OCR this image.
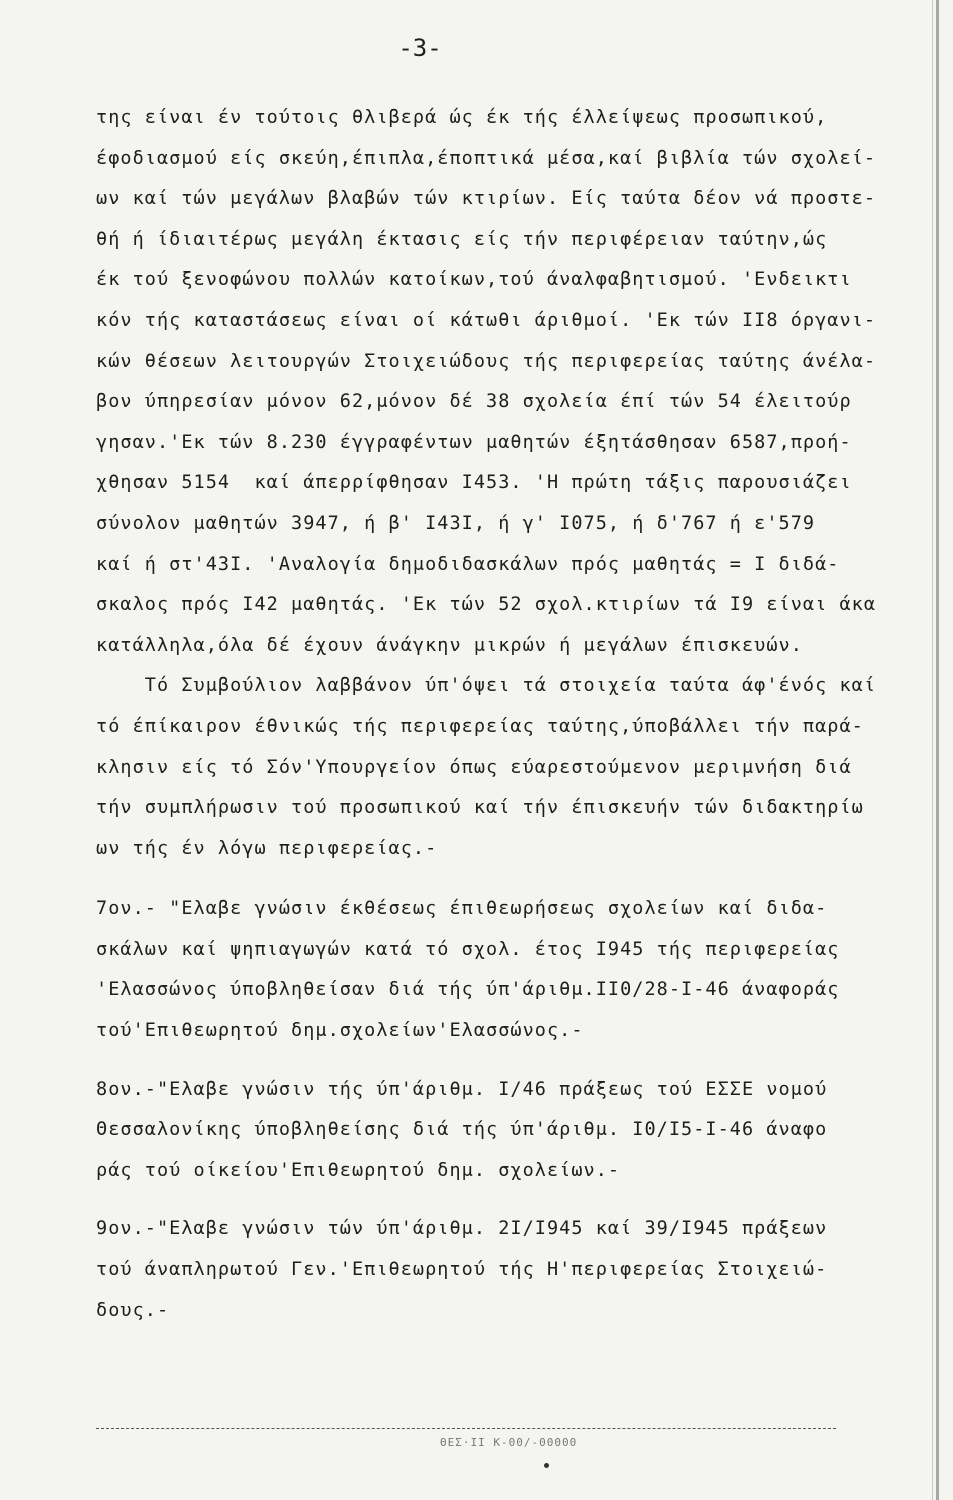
-3-
της είναι έν τούτοις θλιβερά ώς έκ τής έλλείψεως προσωπικού,
έφοδιασμού είς σκεύη,έπιπλα,έποπτικά μέσα,καί βιβλία τών σχολεί-
ων καί τών μεγάλων βλαβών τών κτιρίων. Είς ταύτα δέον νά προστε-
θή ή ίδιαιτέρως μεγάλη έκτασις είς τήν περιφέρειαν ταύτην,ώς
έκ τού ξενοφώνου πολλών κατοίκων,τού άναλφαβητισμού. 'Ενδεικτι
κόν τής καταστάσεως είναι οί κάτωθι άριθμοί. 'Εκ τών ΙΙ8 όργανι-
κών θέσεων λειτουργών Στοιχειώδους τής περιφερείας ταύτης άνέλα-
βον ύπηρεσίαν μόνον 62,μόνον δέ 38 σχολεία έπί τών 54 έλειτούρ
γησαν.'Εκ τών 8.230 έγγραφέντων μαθητών έξητάσθησαν 6587,προή-
χθησαν 5154  καί άπερρίφθησαν Ι453. 'Η πρώτη τάξις παρουσιάζει
σύνολον μαθητών 3947, ή β' Ι43Ι, ή γ' Ι075, ή δ'767 ή ε'579
καί ή στ'43Ι. 'Αναλογία δημοδιδασκάλων πρός μαθητάς = Ι διδά-
σκαλος πρός Ι42 μαθητάς. 'Εκ τών 52 σχολ.κτιρίων τά Ι9 είναι άκα
κατάλληλα,όλα δέ έχουν άνάγκην μικρών ή μεγάλων έπισκευών.
Τό Συμβούλιον λαββάνον ύπ'όψει τά στοιχεία ταύτα άφ'ένός καί
τό έπίκαιρον έθνικώς τής περιφερείας ταύτης,ύποβάλλει τήν παρά-
κλησιν είς τό Σόν'Υπουργείον όπως εύαρεστούμενον μεριμνήση διά
τήν συμπλήρωσιν τού προσωπικού καί τήν έπισκευήν τών διδακτηρίω
ων τής έν λόγω περιφερείας.-
7ον.- "Ελαβε γνώσιν έκθέσεως έπιθεωρήσεως σχολείων καί διδα-
σκάλων καί ψηπιαγωγών κατά τό σχολ. έτος Ι945 τής περιφερείας
'Ελασσώνος ύποβληθείσαν διά τής ύπ'άριθμ.ΙΙ0/28-Ι-46 άναφοράς
τού'Επιθεωρητού δημ.σχολείων'Ελασσώνος.-
8ον.-"Ελαβε γνώσιν τής ύπ'άριθμ. Ι/46 πράξεως τού ΕΣΣΕ νομού
Θεσσαλονίκης ύποβληθείσης διά τής ύπ'άριθμ. Ι0/Ι5-Ι-46 άναφο
ράς τού οίκείου'Επιθεωρητού δημ. σχολείων.-
9ον.-"Ελαβε γνώσιν τών ύπ'άριθμ. 2Ι/Ι945 καί 39/Ι945 πράξεων
τού άναπληρωτού Γεν.'Επιθεωρητού τής Η'περιφερείας Στοιχειώ-
δους.-
ΘΕΣ·ΙΙ Κ-00/-00000
